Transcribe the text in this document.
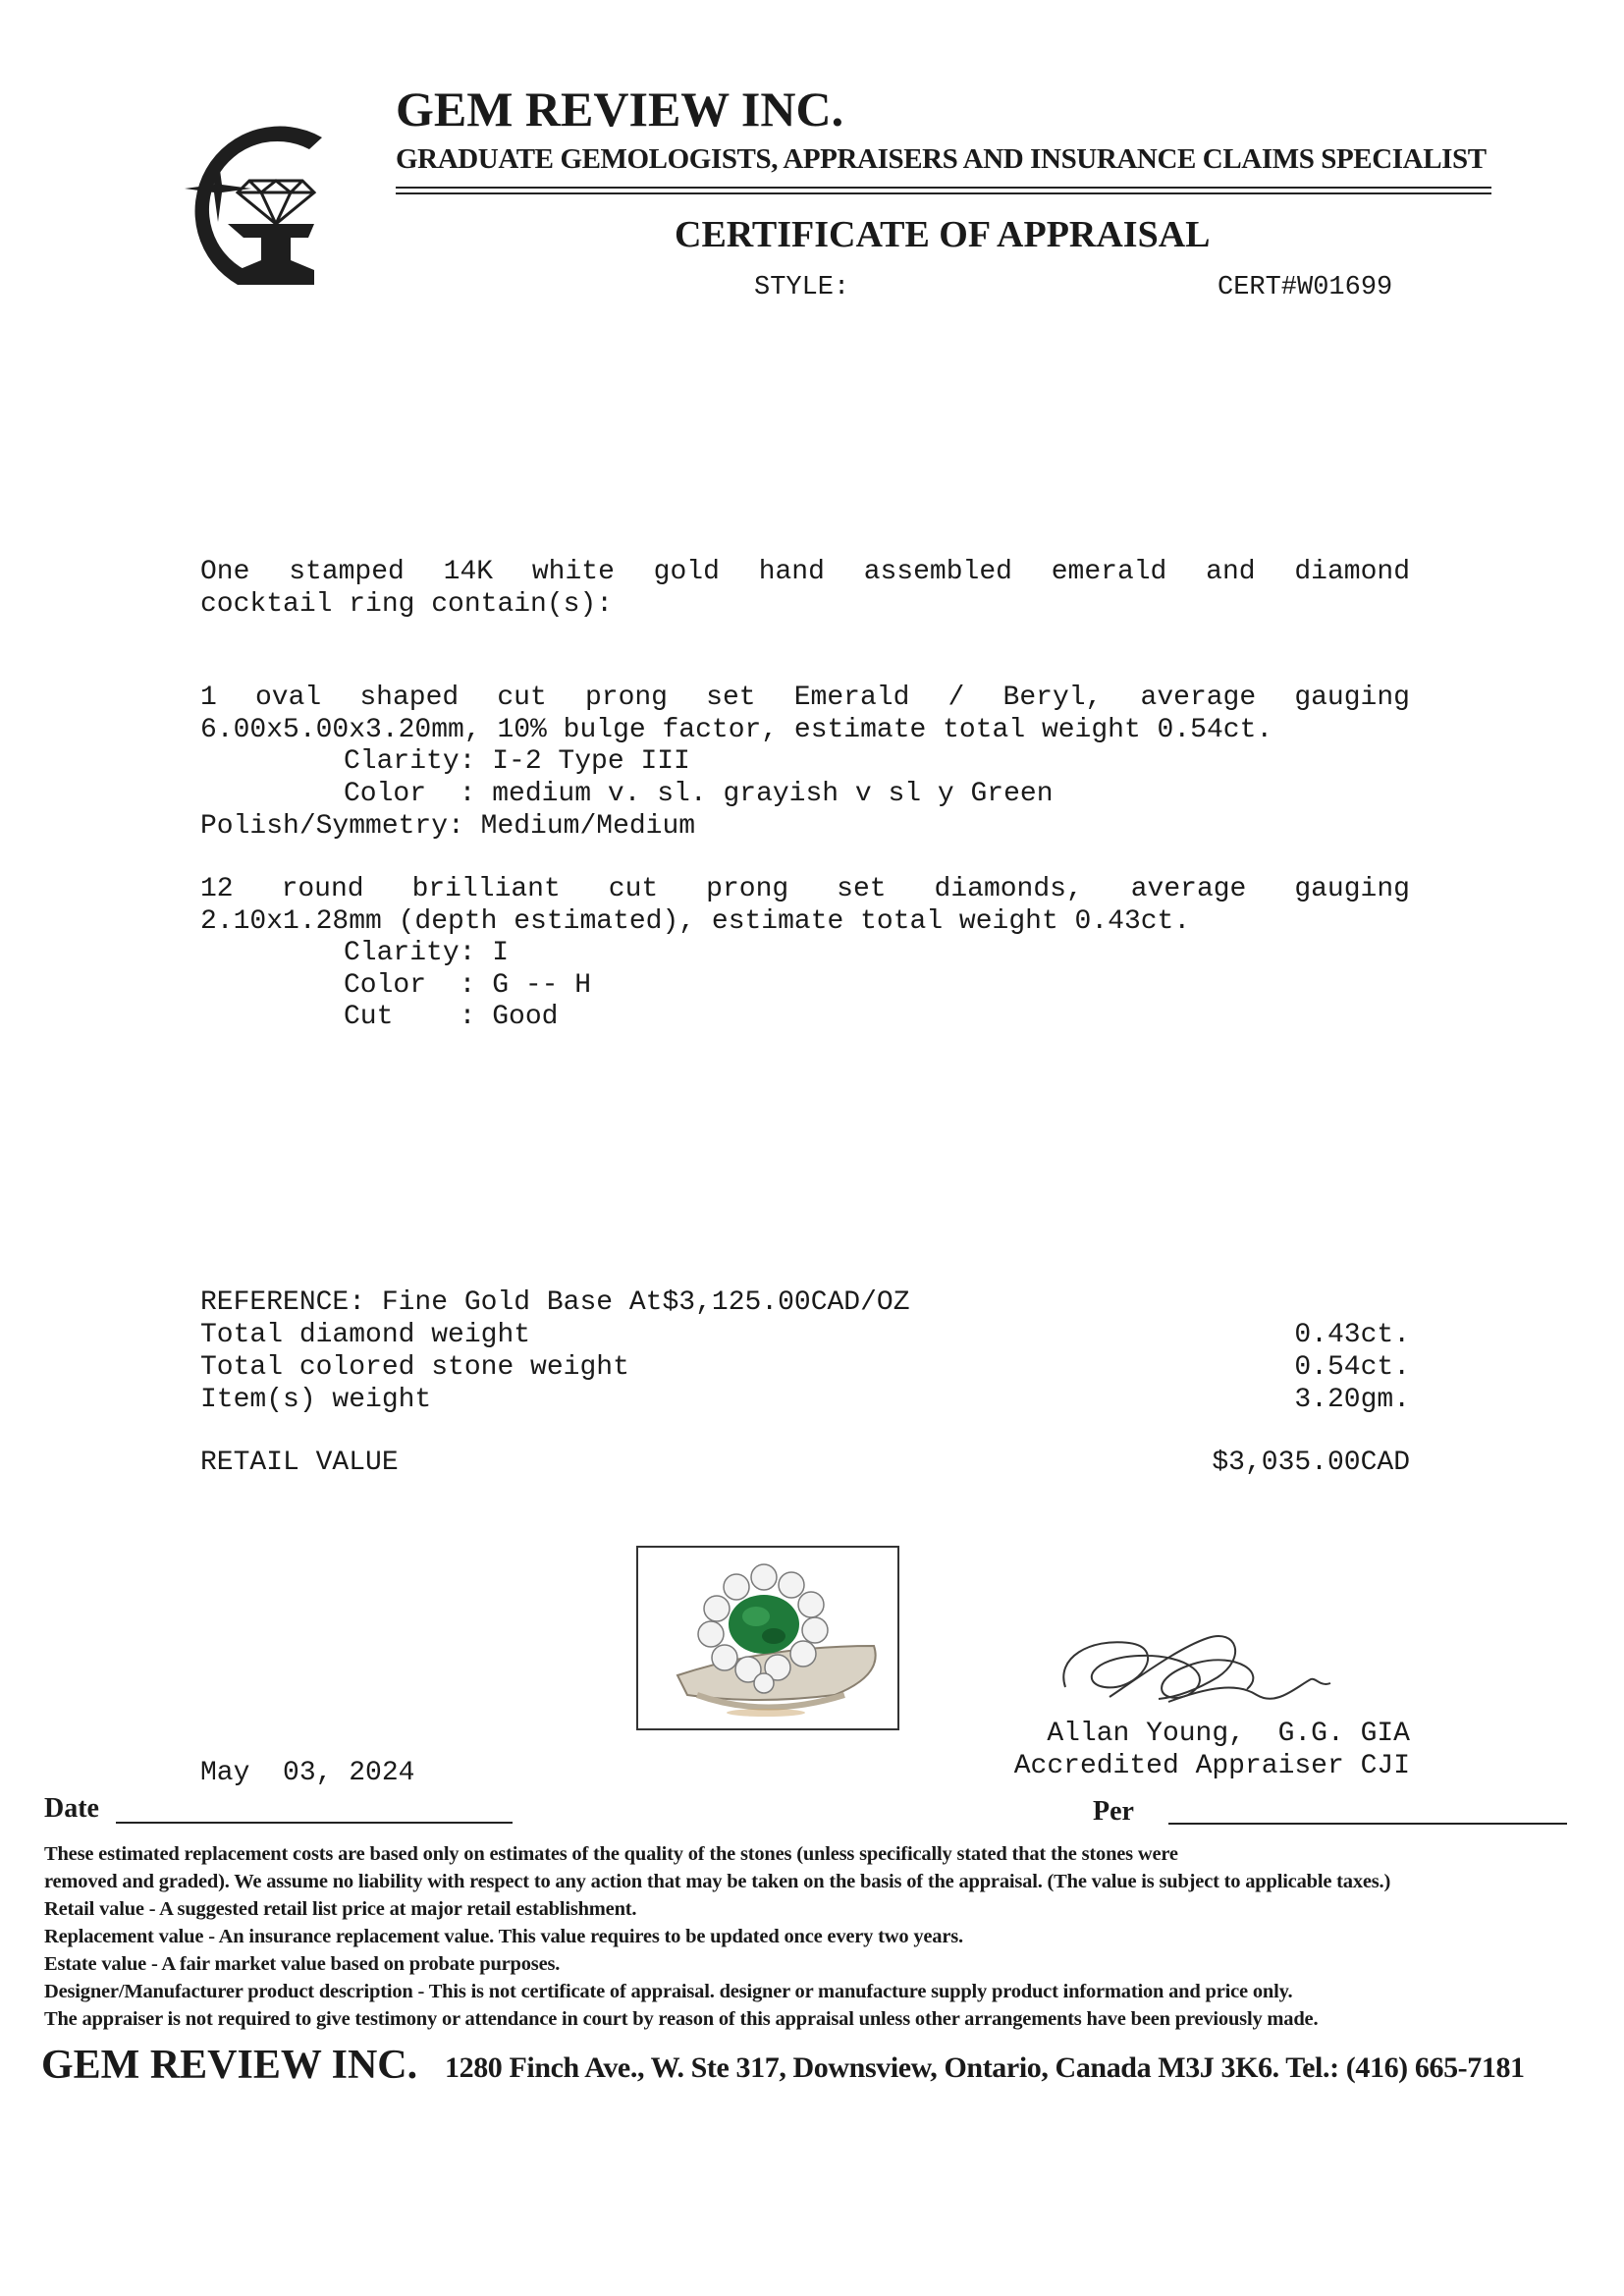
GEM REVIEW INC.
GRADUATE GEMOLOGISTS, APPRAISERS AND INSURANCE CLAIMS SPECIALIST
CERTIFICATE OF APPRAISAL
STYLE:	CERT#W01699
One stamped 14K white gold hand assembled emerald and diamond
cocktail ring contain(s):
1 oval shaped cut prong set Emerald / Beryl, average gauging
6.00x5.00x3.20mm, 10% bulge factor, estimate total weight 0.54ct.
Clarity: I-2 Type III
Color  : medium v. sl. grayish v sl y Green
Polish/Symmetry: Medium/Medium
12 round brilliant cut prong set diamonds, average gauging
2.10x1.28mm (depth estimated), estimate total weight 0.43ct.
Clarity: I
Color  : G -- H
Cut    : Good
REFERENCE: Fine Gold Base At$3,125.00CAD/OZ
Total diamond weight	0.43ct.
Total colored stone weight	0.54ct.
Item(s) weight	3.20gm.
RETAIL VALUE	$3,035.00CAD
Allan Young,  G.G. GIA
Accredited Appraiser CJI
May  03, 2024
Date	Per
These estimated replacement costs are based only on estimates of the quality of the stones (unless specifically stated that the stones were
removed and graded). We assume no liability with respect to any action that may be taken on the basis of the appraisal. (The value is subject to applicable taxes.)
Retail value - A suggested retail list price at major retail establishment.
Replacement value - An insurance replacement value. This value requires to be updated once every two years.
Estate value - A fair market value based on probate purposes.
Designer/Manufacturer product description - This is not certificate of appraisal. designer or manufacture supply product information and price only.
The appraiser is not required to give testimony or attendance in court by reason of this appraisal unless other arrangements have been previously made.
GEM REVIEW INC. 1280 Finch Ave., W. Ste 317, Downsview, Ontario, Canada M3J 3K6. Tel.: (416) 665-7181
